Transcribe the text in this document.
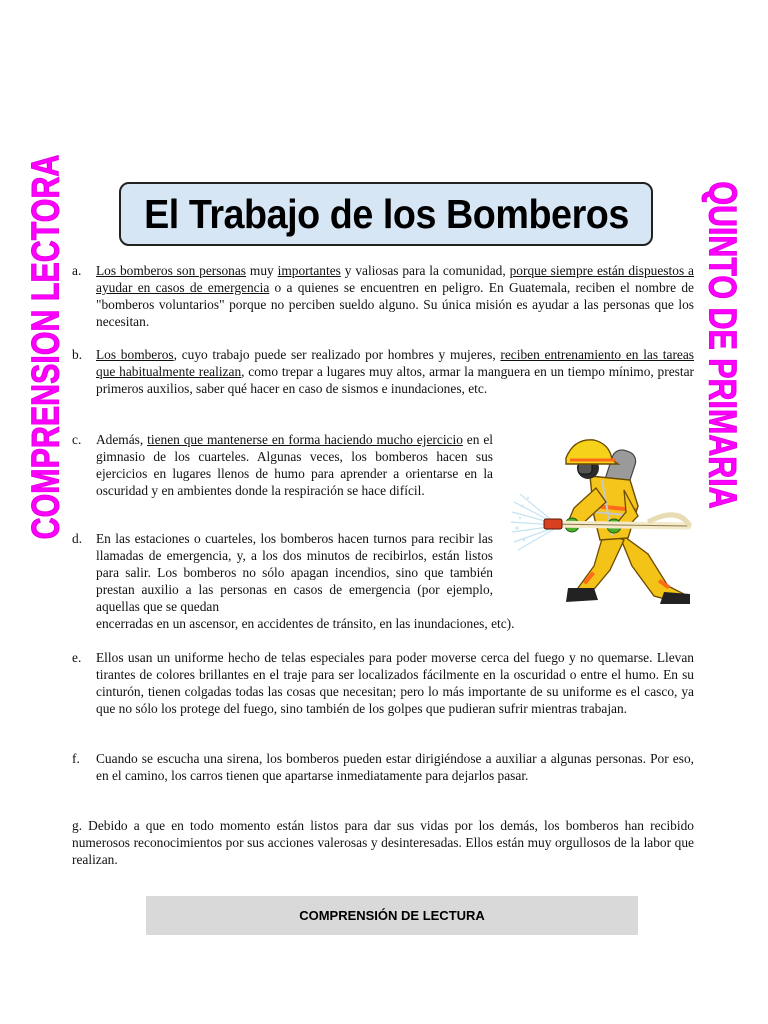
COMPRENSION LECTORA	QUINTO DE PRIMARIA
El Trabajo de los Bomberos
a. Los bomberos son personas muy importantes y valiosas para la comunidad, porque siempre están dispuestos a ayudar en casos de emergencia o a quienes se encuentren en peligro. En Guatemala, reciben el nombre de "bomberos voluntarios" porque no perciben sueldo alguno. Su única misión es ayudar a las personas que los necesitan.
b. Los bomberos, cuyo trabajo puede ser realizado por hombres y mujeres, reciben entrenamiento en las tareas que habitualmente realizan, como trepar a lugares muy altos, armar la manguera en un tiempo mínimo, prestar primeros auxilios, saber qué hacer en caso de sismos e inundaciones, etc.
c. Además, tienen que mantenerse en forma haciendo mucho ejercicio en el gimnasio de los cuarteles. Algunas veces, los bomberos hacen sus ejercicios en lugares llenos de humo para aprender a orientarse en la oscuridad y en ambientes donde la respiración se hace difícil.
d. En las estaciones o cuarteles, los bomberos hacen turnos para recibir las llamadas de emergencia, y, a los dos minutos de recibirlos, están listos para salir. Los bomberos no sólo apagan incendios, sino que también prestan auxilio a las personas en casos de emergencia (por ejemplo, aquellas que se quedan
encerradas en un ascensor, en accidentes de tránsito, en las inundaciones, etc).
e. Ellos usan un uniforme hecho de telas especiales para poder moverse cerca del fuego y no quemarse. Llevan tirantes de colores brillantes en el traje para ser localizados fácilmente en la oscuridad o entre el humo. En su cinturón, tienen colgadas todas las cosas que necesitan; pero lo más importante de su uniforme es el casco, ya que no sólo los protege del fuego, sino también de los golpes que pudieran sufrir mientras trabajan.
f. Cuando se escucha una sirena, los bomberos pueden estar dirigiéndose a auxiliar a algunas personas. Por eso, en el camino, los carros tienen que apartarse inmediatamente para dejarlos pasar.
g. Debido a que en todo momento están listos para dar sus vidas por los demás, los bomberos han recibido numerosos reconocimientos por sus acciones valerosas y desinteresadas. Ellos están muy orgullosos de la labor que realizan.
COMPRENSIÓN DE LECTURA
